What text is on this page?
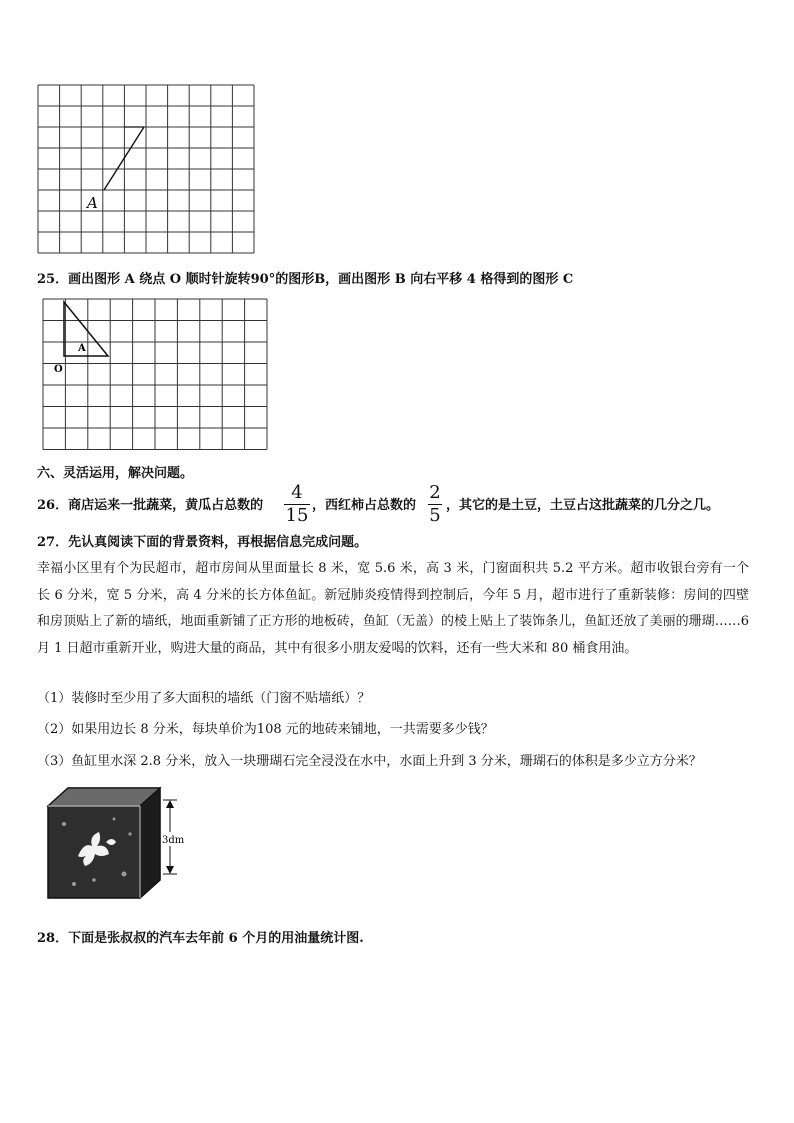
A
25．画出图形 A 绕点 O 顺时针旋转90°的图形B，画出图形 B 向右平移 4 格得到的图形 C
A
O
六、灵活运用，解决问题。
26．商店运来一批蔬菜，黄瓜占总数的
4
15 ，西红柿占总数的
2
5 ，其它的是土豆，土豆占这批蔬菜的几分之几。
27．先认真阅读下面的背景资料，再根据信息完成问题。
幸福小区里有个为民超市，超市房间从里面量长 8 米，宽 5.6 米，高 3 米，门窗面积共 5.2 平方米。超市收银台旁有一个长 6 分米，宽 5 分米，高 4 分米的长方体鱼缸。新冠肺炎疫情得到控制后，今年 5 月，超市进行了重新装修：房间的四壁和房顶贴上了新的墙纸，地面重新铺了正方形的地板砖，鱼缸（无盖）的棱上贴上了装饰条儿，鱼缸还放了美丽的珊瑚……6 月 1 日超市重新开业，购进大量的商品，其中有很多小朋友爱喝的饮料，还有一些大米和 80 桶食用油。
（1）装修时至少用了多大面积的墙纸（门窗不贴墙纸）？
（2）如果用边长 8 分米，每块单价为108 元的地砖来铺地，一共需要多少钱？
（3）鱼缸里水深 2.8 分米，放入一块珊瑚石完全浸没在水中，水面上升到 3 分米，珊瑚石的体积是多少立方分米？
3dm
28．下面是张叔叔的汽车去年前 6 个月的用油量统计图.
